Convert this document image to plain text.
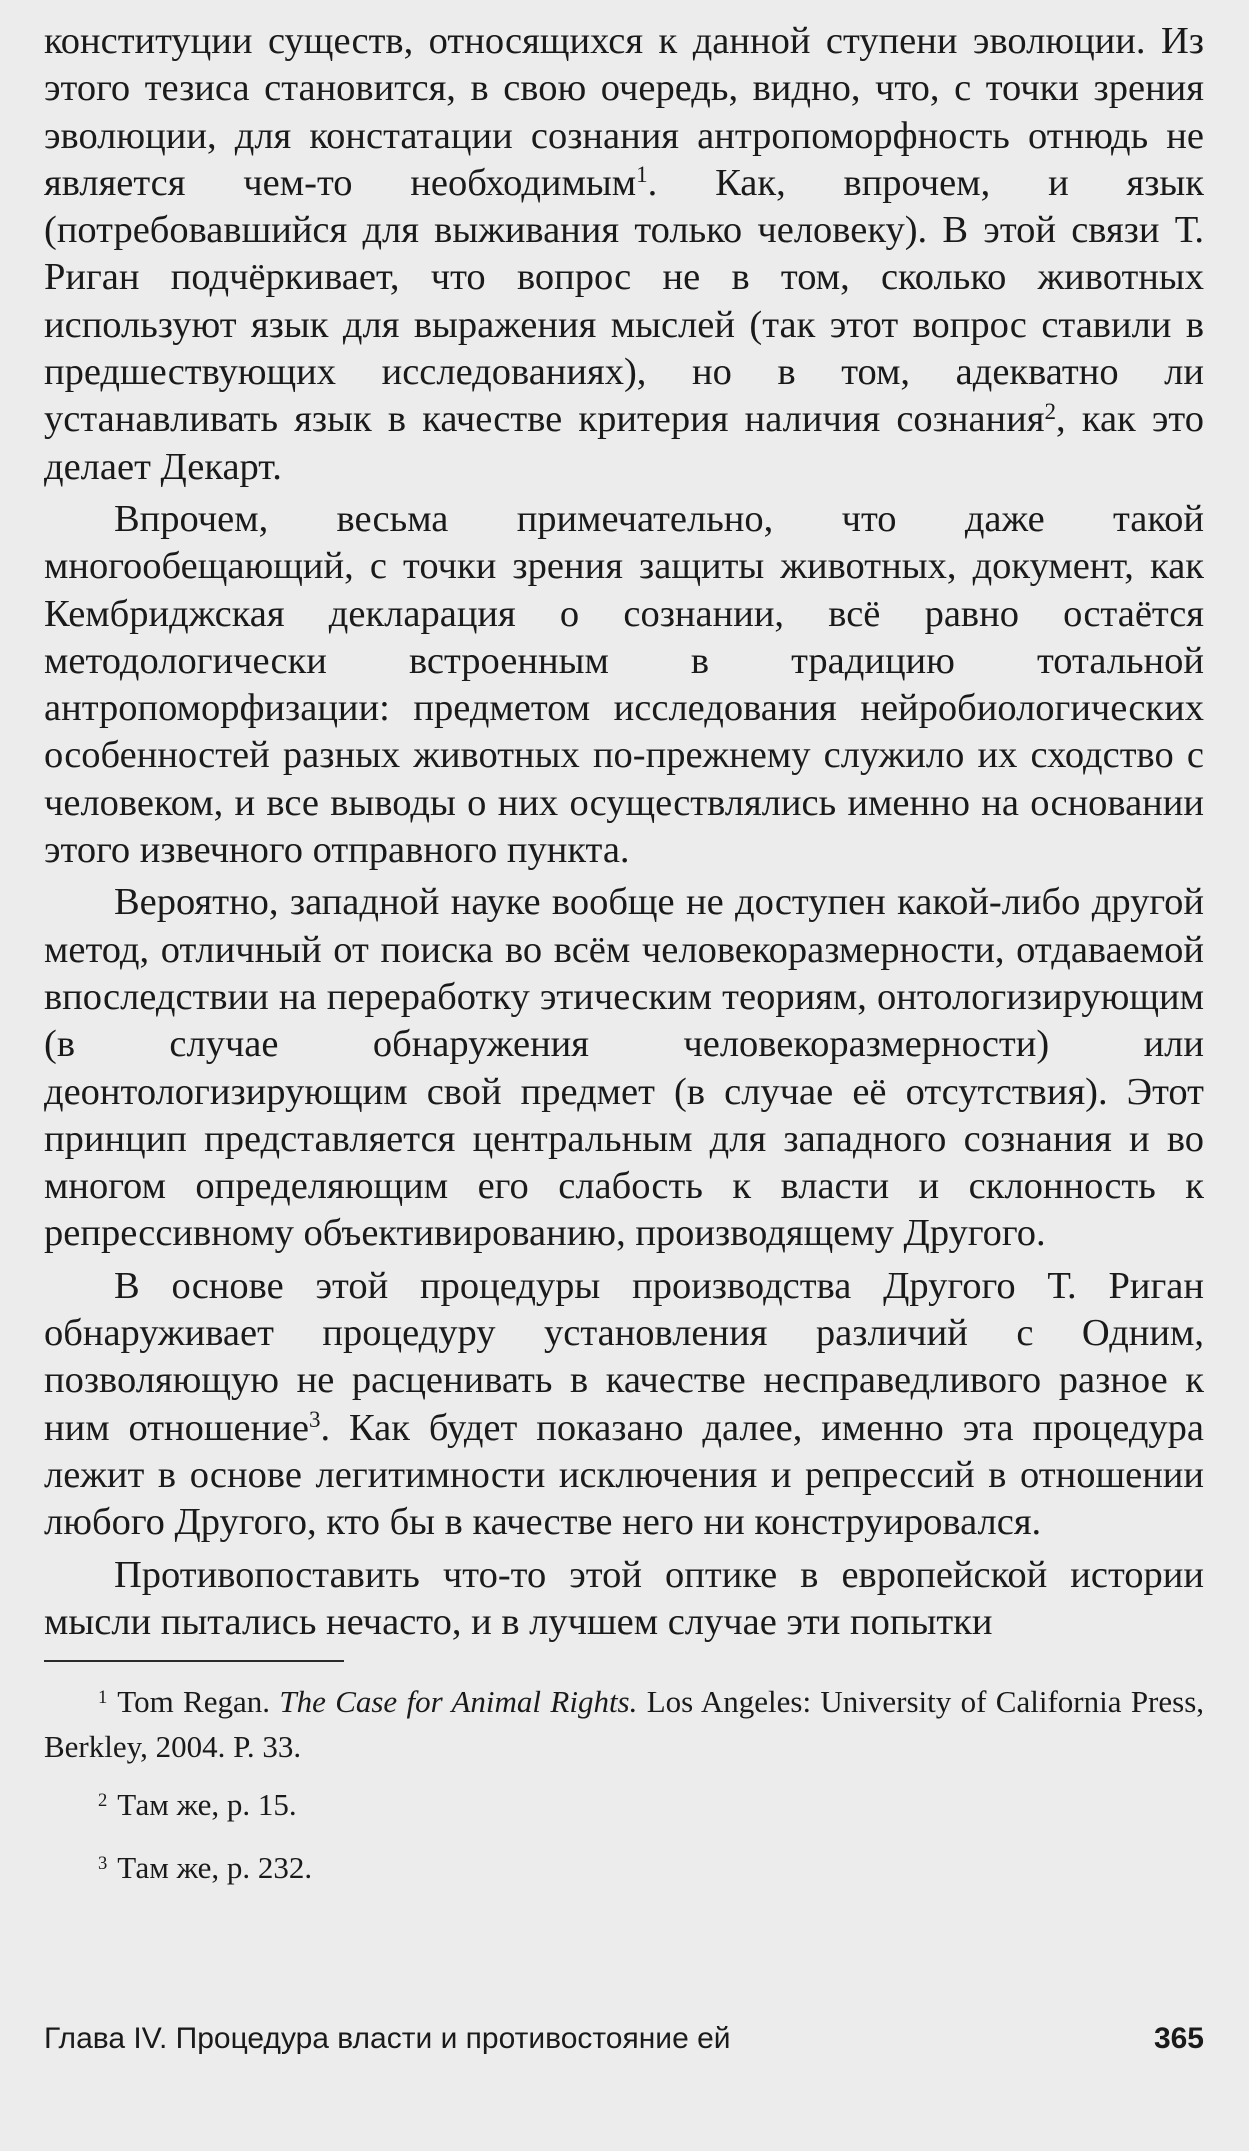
конституции существ, относящихся к данной ступени эволюции. Из этого тезиса становится, в свою очередь, видно, что, с точки зрения эволюции, для констатации сознания антропоморфность отнюдь не является чем-то необходимым$^1$. Как, впрочем, и язык (потребовавшийся для выживания только человеку). В этой связи Т. Риган подчёркивает, что вопрос не в том, сколько животных используют язык для выражения мыслей (так этот вопрос ставили в предшествующих исследованиях), но в том, адекватно ли устанавливать язык в качестве критерия наличия сознания$^2$, как это делает Декарт.

Впрочем, весьма примечательно, что даже такой многообещающий, с точки зрения защиты животных, документ, как Кембриджская декларация о сознании, всё равно остаётся методологически встроенным в традицию тотальной антропоморфизации: предметом исследования нейробиологических особенностей разных животных по-прежнему служило их сходство с человеком, и все выводы о них осуществлялись именно на основании этого извечного отправного пункта.

Вероятно, западной науке вообще не доступен какой-либо другой метод, отличный от поиска во всём человекоразмерности, отдаваемой впоследствии на переработку этическим теориям, онтологизирующим (в случае обнаружения человекоразмерности) или деонтологизирующим свой предмет (в случае её отсутствия). Этот принцип представляется центральным для западного сознания и во многом определяющим его слабость к власти и склонность к репрессивному объективированию, производящему Другого.

В основе этой процедуры производства Другого Т. Риган обнаруживает процедуру установления различий с Одним, позволяющую не расценивать в качестве несправедливого разное к ним отношение$^3$. Как будет показано далее, именно эта процедура лежит в основе легитимности исключения и репрессий в отношении любого Другого, кто бы в качестве него ни конструировался.

Противопоставить что-то этой оптике в европейской истории мысли пытались нечасто, и в лучшем случае эти попытки

$^1$ Tom Regan. The Case for Animal Rights. Los Angeles: University of California Press, Berkley, 2004. P. 33.
$^2$ Там же, р. 15.
$^3$ Там же, р. 232.
Глава IV. Процедура власти и противостояние ей	365
